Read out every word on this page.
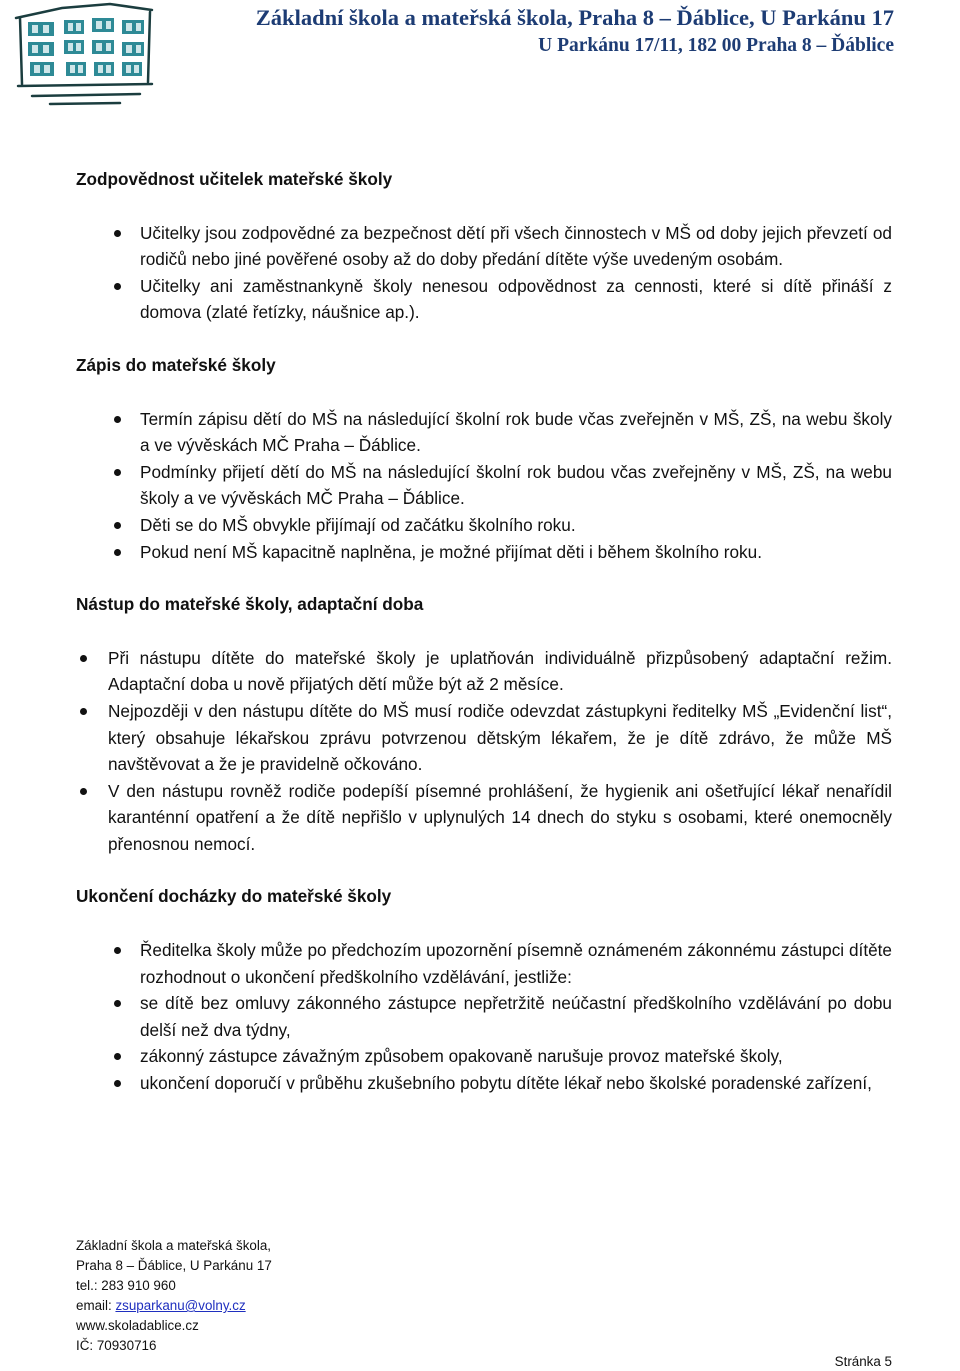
Základní škola a mateřská škola, Praha 8 – Ďáblice, U Parkánu 17
U Parkánu 17/11, 182 00 Praha 8 – Ďáblice
Zodpovědnost učitelek mateřské školy
Učitelky jsou zodpovědné za bezpečnost dětí při všech činnostech v MŠ od doby jejich převzetí od rodičů nebo jiné pověřené osoby až do doby předání dítěte výše uvedeným osobám.
Učitelky ani zaměstnankyně školy nenesou odpovědnost za cennosti, které si dítě přináší z domova (zlaté řetízky, náušnice ap.).
Zápis do mateřské školy
Termín zápisu dětí do MŠ na následující školní rok bude včas zveřejněn v MŠ, ZŠ, na webu školy a ve vývěskách MČ Praha – Ďáblice.
Podmínky přijetí dětí do MŠ na následující školní rok budou včas zveřejněny v MŠ, ZŠ, na webu školy a ve vývěskách MČ Praha – Ďáblice.
Děti se do MŠ obvykle přijímají od začátku školního roku.
Pokud není MŠ kapacitně naplněna, je možné přijímat děti i během školního roku.
Nástup do mateřské školy, adaptační doba
Při nástupu dítěte do mateřské školy je uplatňován individuálně přizpůsobený adaptační režim. Adaptační doba u nově přijatých dětí může být až 2 měsíce.
Nejpozději v den nástupu dítěte do MŠ musí rodiče odevzdat zástupkyni ředitelky MŠ „Evidenční list“, který obsahuje lékařskou zprávu potvrzenou dětským lékařem, že je dítě zdrávo, že může MŠ navštěvovat a že je pravidelně očkováno.
V den nástupu rovněž rodiče podepíší písemné prohlášení, že hygienik ani ošetřující lékař nenařídil karanténní opatření a že dítě nepřišlo v uplynulých 14 dnech do styku s osobami, které onemocněly přenosnou nemocí.
Ukončení docházky do mateřské školy
Ředitelka školy může po předchozím upozornění písemně oznámeném zákonnému zástupci dítěte rozhodnout o ukončení předškolního vzdělávání, jestliže:
se dítě bez omluvy zákonného zástupce nepřetržitě neúčastní předškolního vzdělávání po dobu delší než dva týdny,
zákonný zástupce závažným způsobem opakovaně narušuje provoz mateřské školy,
ukončení doporučí v průběhu zkušebního pobytu dítěte lékař nebo školské poradenské zařízení,
Základní škola a mateřská škola,
Praha 8 – Ďáblice, U Parkánu 17
tel.: 283 910 960
email: zsuparkanu@volny.cz
www.skoladablice.cz
IČ: 70930716
Stránka 5
